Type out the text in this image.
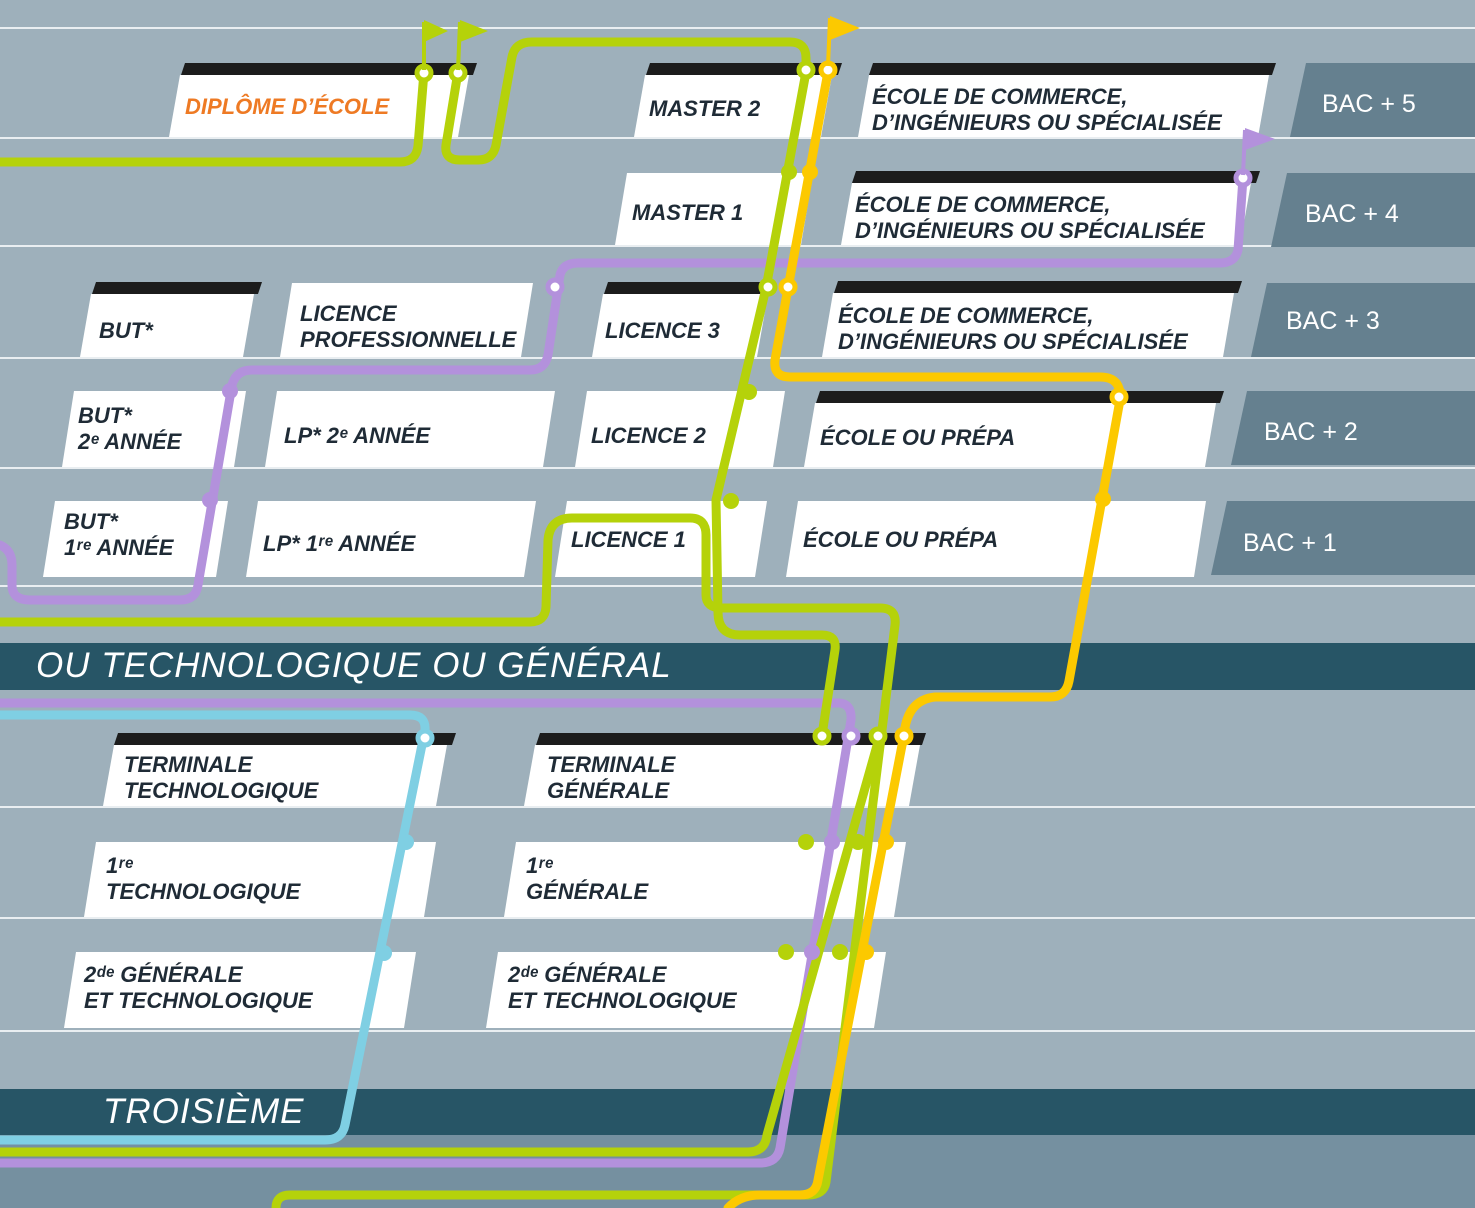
OU TECHNOLOGIQUE OU GÉNÉRAL
TROISIÈME
BAC + 5
BAC + 4
BAC + 3
BAC + 2
BAC + 1
DIPLÔME D’ÉCOLE	MASTER 2	ÉCOLE DE COMMERCE,
D’INGÉNIEURS OU SPÉCIALISÉE
MASTER 1	ÉCOLE DE COMMERCE,
D’INGÉNIEURS OU SPÉCIALISÉE
BUT*
LICENCE
PROFESSIONNELLE	LICENCE 3
ÉCOLE DE COMMERCE,
D’INGÉNIEURS OU SPÉCIALISÉE
BUT*
2ᵉ ANNÉE	LP* 2ᵉ ANNÉE	LICENCE 2	ÉCOLE OU PRÉPA
BUT*
1ʳᵉ ANNÉE	LP* 1ʳᵉ ANNÉE	LICENCE 1	ÉCOLE OU PRÉPA
TERMINALE
TECHNOLOGIQUE
TERMINALE
GÉNÉRALE
1ʳᵉ
TECHNOLOGIQUE
1ʳᵉ
GÉNÉRALE
2ᵈᵉ GÉNÉRALE
ET TECHNOLOGIQUE
2ᵈᵉ GÉNÉRALE
ET TECHNOLOGIQUE
